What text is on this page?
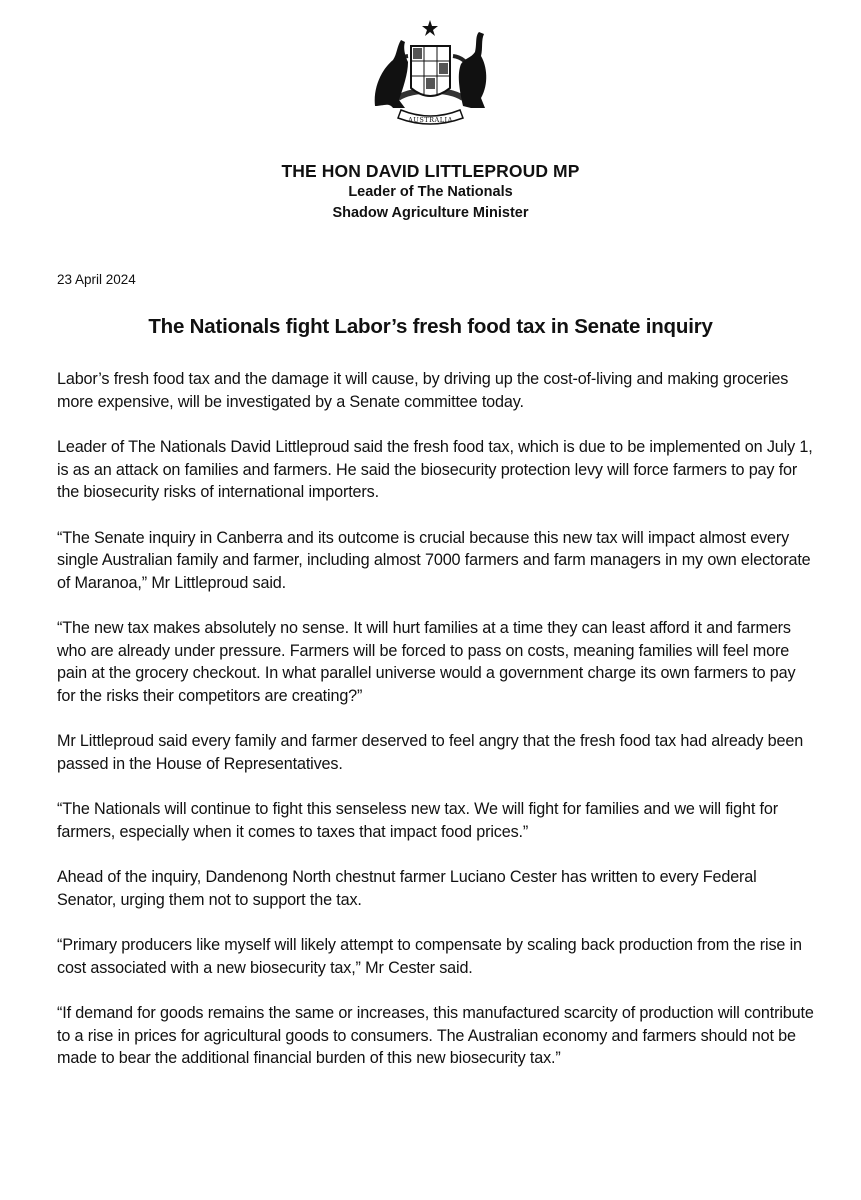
AUSTRALIA
THE HON DAVID LITTLEPROUD MP
Leader of The Nationals
Shadow Agriculture Minister
23 April 2024
The Nationals fight Labor’s fresh food tax in Senate inquiry

Labor’s fresh food tax and the damage it will cause, by driving up the cost-of-living and making groceries more expensive, will be investigated by a Senate committee today.

Leader of The Nationals David Littleproud said the fresh food tax, which is due to be implemented on July 1, is as an attack on families and farmers. He said the biosecurity protection levy will force farmers to pay for the biosecurity risks of international importers.

“The Senate inquiry in Canberra and its outcome is crucial because this new tax will impact almost every single Australian family and farmer, including almost 7000 farmers and farm managers in my own electorate of Maranoa,” Mr Littleproud said.

“The new tax makes absolutely no sense. It will hurt families at a time they can least afford it and farmers who are already under pressure. Farmers will be forced to pass on costs, meaning families will feel more pain at the grocery checkout. In what parallel universe would a government charge its own farmers to pay for the risks their competitors are creating?”

Mr Littleproud said every family and farmer deserved to feel angry that the fresh food tax had already been passed in the House of Representatives.

“The Nationals will continue to fight this senseless new tax. We will fight for families and we will fight for farmers, especially when it comes to taxes that impact food prices.”

Ahead of the inquiry, Dandenong North chestnut farmer Luciano Cester has written to every Federal Senator, urging them not to support the tax.

“Primary producers like myself will likely attempt to compensate by scaling back production from the rise in cost associated with a new biosecurity tax,” Mr Cester said.

“If demand for goods remains the same or increases, this manufactured scarcity of production will contribute to a rise in prices for agricultural goods to consumers. The Australian economy and farmers should not be made to bear the additional financial burden of this new biosecurity tax.”
